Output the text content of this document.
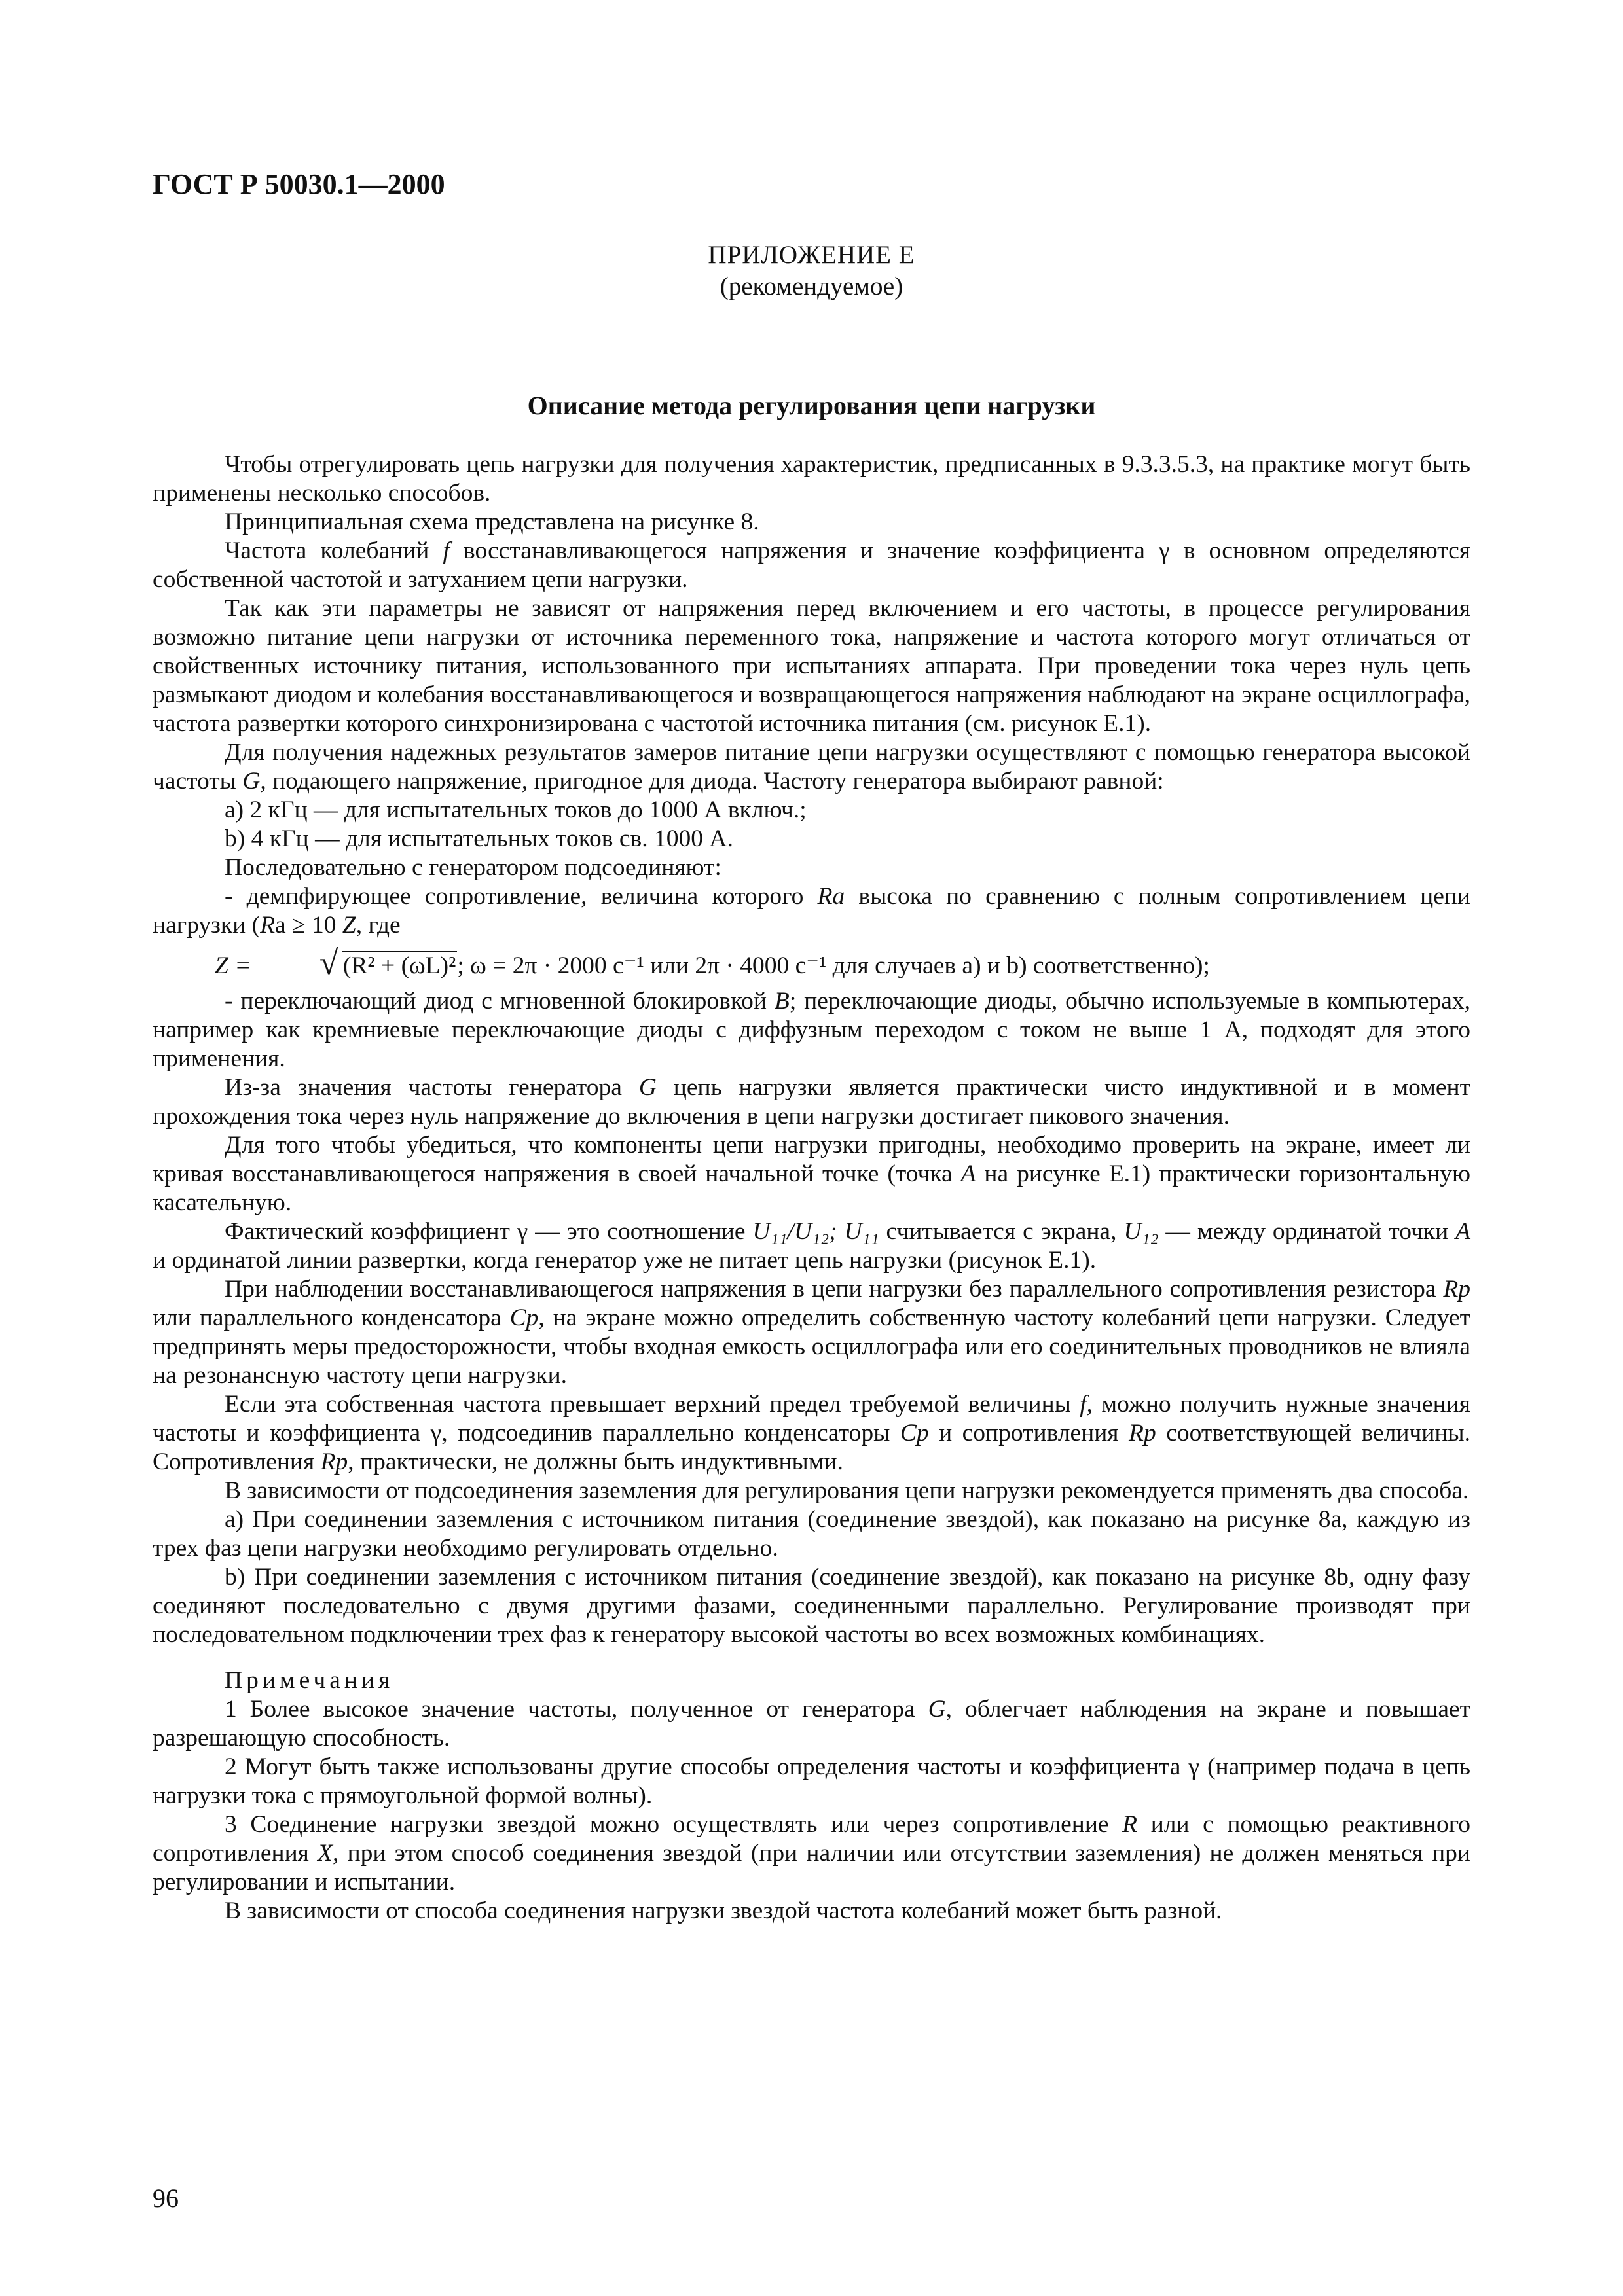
ГОСТ Р 50030.1—2000
ПРИЛОЖЕНИЕ Е
(рекомендуемое)
Описание метода регулирования цепи нагрузки

Чтобы отрегулировать цепь нагрузки для получения характеристик, предписанных в 9.3.3.5.3, на практике могут быть применены несколько способов.

Принципиальная схема представлена на рисунке 8.

Частота колебаний f восстанавливающегося напряжения и значение коэффициента γ в основном определяются собственной частотой и затуханием цепи нагрузки.

Так как эти параметры не зависят от напряжения перед включением и его частоты, в процессе регулирования возможно питание цепи нагрузки от источника переменного тока, напряжение и частота которого могут отличаться от свойственных источнику питания, использованного при испытаниях аппарата. При проведении тока через нуль цепь размыкают диодом и колебания восстанавливающегося и возвращающегося напряжения наблюдают на экране осциллографа, частота развертки которого синхронизирована с частотой источника питания (см. рисунок Е.1).

Для получения надежных результатов замеров питание цепи нагрузки осуществляют с помощью генератора высокой частоты G, подающего напряжение, пригодное для диода. Частоту генератора выбирают равной:

a) 2 кГц — для испытательных токов до 1000 А включ.;

b) 4 кГц — для испытательных токов св. 1000 А.

Последовательно с генератором подсоединяют:

- демпфирующее сопротивление, величина которого Ra высока по сравнению с полным сопротивлением цепи нагрузки (Ra ≥ 10 Z, где

Z =	√ (R² + (ωL)²; ω = 2π · 2000 с⁻¹ или 2π · 4000 с⁻¹ для случаев а) и b) соответственно);

- переключающий диод с мгновенной блокировкой B; переключающие диоды, обычно используемые в компьютерах, например как кремниевые переключающие диоды с диффузным переходом с током не выше 1 А, подходят для этого применения.

Из-за значения частоты генератора G цепь нагрузки является практически чисто индуктивной и в момент прохождения тока через нуль напряжение до включения в цепи нагрузки достигает пикового значения.

Для того чтобы убедиться, что компоненты цепи нагрузки пригодны, необходимо проверить на экране, имеет ли кривая восстанавливающегося напряжения в своей начальной точке (точка A на рисунке Е.1) практически горизонтальную касательную.

Фактический коэффициент γ — это соотношение U₁₁/U₁₂; U₁₁ считывается с экрана, U₁₂ — между ординатой точки A и ординатой линии развертки, когда генератор уже не питает цепь нагрузки (рисунок Е.1).

При наблюдении восстанавливающегося напряжения в цепи нагрузки без параллельного сопротивления резистора Rp или параллельного конденсатора Cp, на экране можно определить собственную частоту колебаний цепи нагрузки. Следует предпринять меры предосторожности, чтобы входная емкость осциллографа или его соединительных проводников не влияла на резонансную частоту цепи нагрузки.

Если эта собственная частота превышает верхний предел требуемой величины f, можно получить нужные значения частоты и коэффициента γ, подсоединив параллельно конденсаторы Cp и сопротивления Rp соответствующей величины. Сопротивления Rp, практически, не должны быть индуктивными.

В зависимости от подсоединения заземления для регулирования цепи нагрузки рекомендуется применять два способа.

a) При соединении заземления с источником питания (соединение звездой), как показано на рисунке 8а, каждую из трех фаз цепи нагрузки необходимо регулировать отдельно.

b) При соединении заземления с источником питания (соединение звездой), как показано на рисунке 8b, одну фазу соединяют последовательно с двумя другими фазами, соединенными параллельно. Регулирование производят при последовательном подключении трех фаз к генератору высокой частоты во всех возможных комбинациях.

Примечания

1 Более высокое значение частоты, полученное от генератора G, облегчает наблюдения на экране и повышает разрешающую способность.

2 Могут быть также использованы другие способы определения частоты и коэффициента γ (например подача в цепь нагрузки тока с прямоугольной формой волны).

3 Соединение нагрузки звездой можно осуществлять или через сопротивление R или с помощью реактивного сопротивления X, при этом способ соединения звездой (при наличии или отсутствии заземления) не должен меняться при регулировании и испытании.

В зависимости от способа соединения нагрузки звездой частота колебаний может быть разной.

96
